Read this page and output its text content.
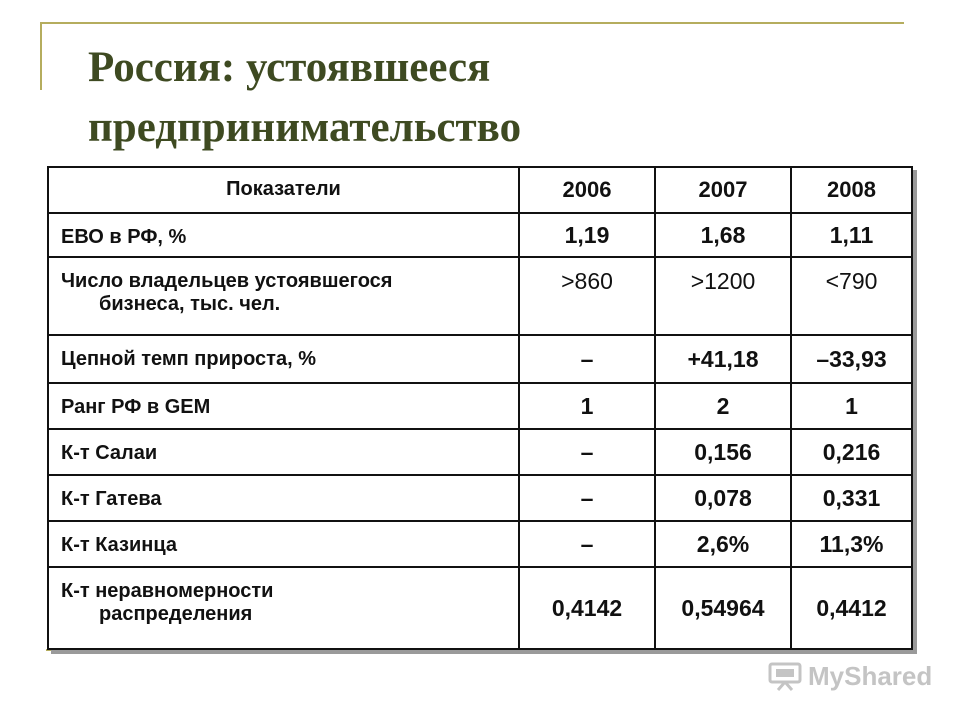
Россия: устоявшееся предпринимательство
Показатели	2006	2007	2008
ЕВО в РФ, %	1,19	1,68	1,11
Число владельцев устоявшегося
бизнеса, тыс. чел.	>860	>1200	<790
Цепной темп прироста, %	–	+41,18	–33,93
Ранг РФ в GEM	1	2	1
К-т Салаи	–	0,156	0,216
К-т Гатева	–	0,078	0,331
К-т Казинца	–	2,6%	11,3%
К-т неравномерности
распределения	0,4142	0,54964	0,4412
MyShared
